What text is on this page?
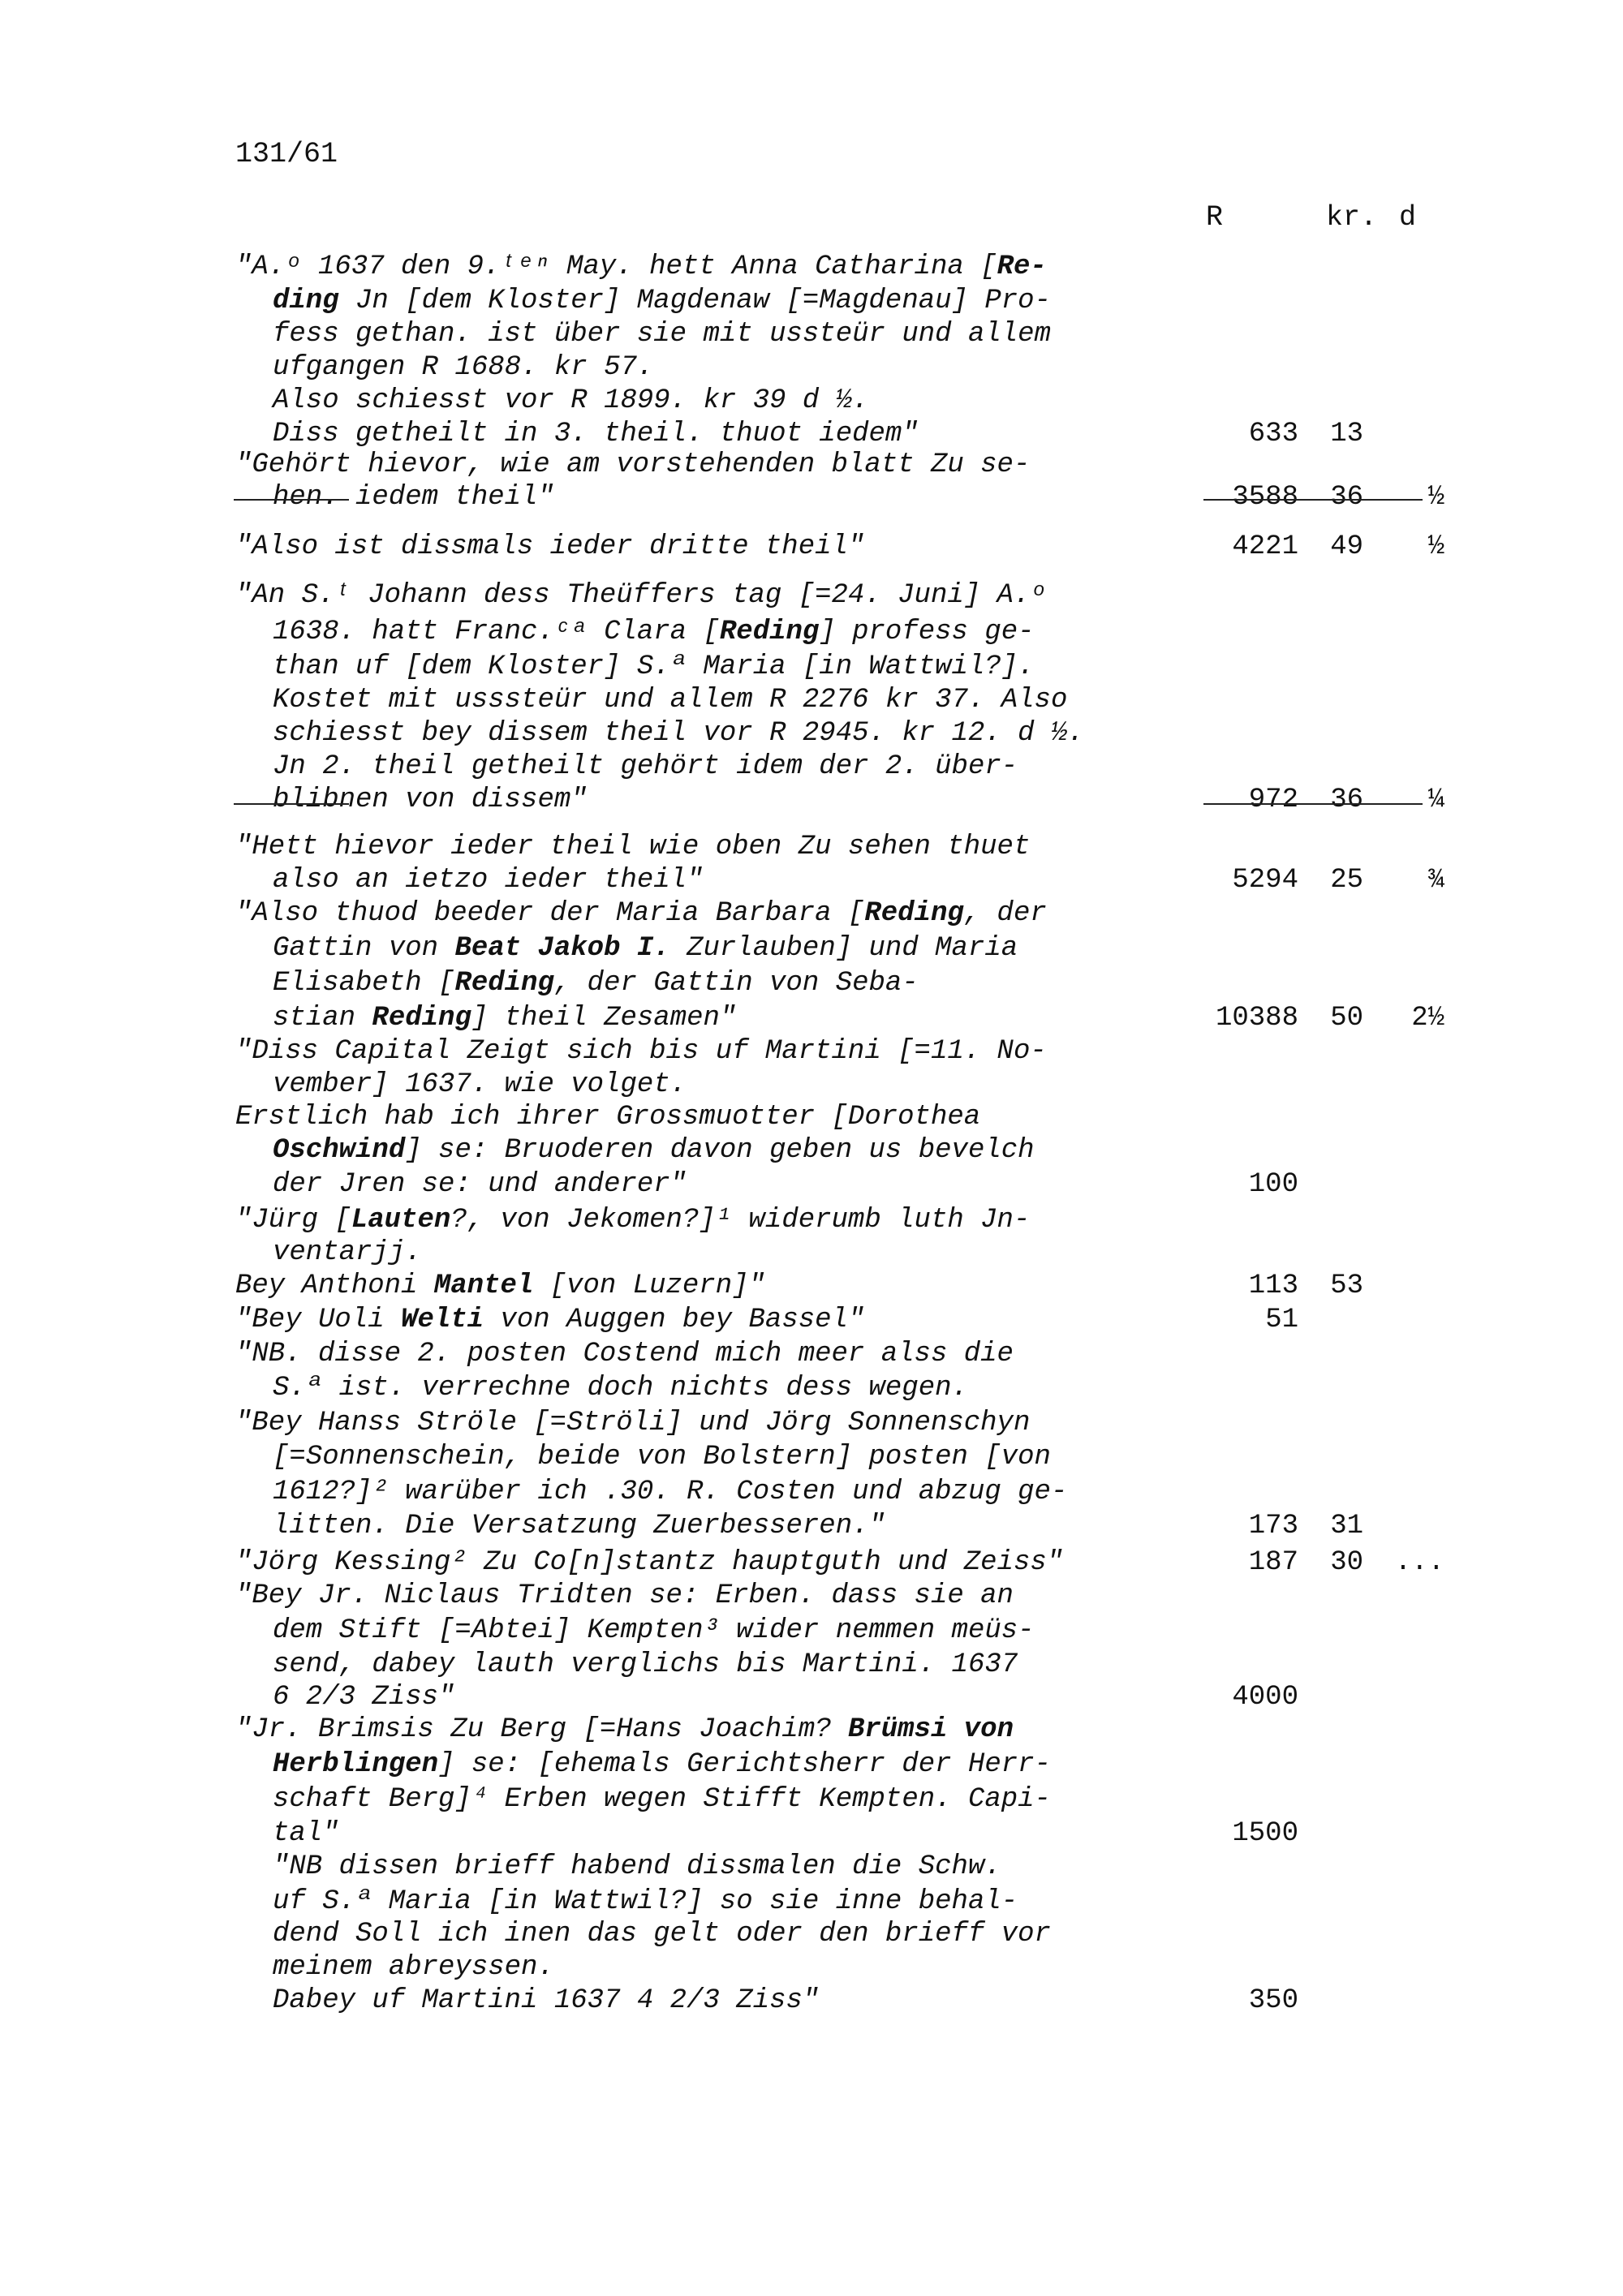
131/61
R	kr. d
"A.ᵒ 1637 den 9.ᵗᵉⁿ May. hett Anna Catharina [Re-
ding Jn [dem Kloster] Magdenaw [=Magdenau] Pro-
fess gethan. ist über sie mit ussteür und allem
ufgangen R 1688. kr 57.
Also schiesst vor R 1899. kr 39 d ½.
Diss getheilt in 3. theil. thuot iedem"	633	13
"Gehört hievor, wie am vorstehenden blatt Zu se-
hen. iedem theil"	3588	36	½
"Also ist dissmals ieder dritte theil"	4221	49	½
"An S.ᵗ Johann dess Theüffers tag [=24. Juni] A.ᵒ
1638. hatt Franc.ᶜᵃ Clara [Reding] profess ge-
than uf [dem Kloster] S.ª Maria [in Wattwil?].
Kostet mit usssteür und allem R 2276 kr 37. Also
schiesst bey dissem theil vor R 2945. kr 12. d ½.
Jn 2. theil getheilt gehört idem der 2. über-
blibnen von dissem"	972	36	¼
"Hett hievor ieder theil wie oben Zu sehen thuet
also an ietzo ieder theil"	5294	25	¾
"Also thuod beeder der Maria Barbara [Reding, der
Gattin von Beat Jakob I. Zurlauben] und Maria
Elisabeth [Reding, der Gattin von Seba-
stian Reding] theil Zesamen"	10388	50	2½
"Diss Capital Zeigt sich bis uf Martini [=11. No-
vember] 1637. wie volget.
Erstlich hab ich ihrer Grossmuotter [Dorothea
Oschwind] se: Bruoderen davon geben us bevelch
der Jren se: und anderer"	100
"Jürg [Lauten?, von Jekomen?]¹ widerumb luth Jn-
ventarjj.
Bey Anthoni Mantel [von Luzern]"	113	53
"Bey Uoli Welti von Auggen bey Bassel"	51
"NB. disse 2. posten Costend mich meer alss die
S.ª ist. verrechne doch nichts dess wegen.
"Bey Hanss Ströle [=Ströli] und Jörg Sonnenschyn
[=Sonnenschein, beide von Bolstern] posten [von
1612?]² warüber ich .30. R. Costen und abzug ge-
litten. Die Versatzung Zuerbesseren."	173	31
"Jörg Kessing² Zu Co[n]stantz hauptguth und Zeiss"	187	30	...
"Bey Jr. Niclaus Tridten se: Erben. dass sie an
dem Stift [=Abtei] Kempten³ wider nemmen meüs-
send, dabey lauth verglichs bis Martini. 1637
6 2/3 Ziss"	4000
"Jr. Brimsis Zu Berg [=Hans Joachim? Brümsi von
Herblingen] se: [ehemals Gerichtsherr der Herr-
schaft Berg]⁴ Erben wegen Stifft Kempten. Capi-
tal"	1500
"NB dissen brieff habend dissmalen die Schw.
uf S.ª Maria [in Wattwil?] so sie inne behal-
dend Soll ich inen das gelt oder den brieff vor
meinem abreyssen.
Dabey uf Martini 1637 4 2/3 Ziss"	350
